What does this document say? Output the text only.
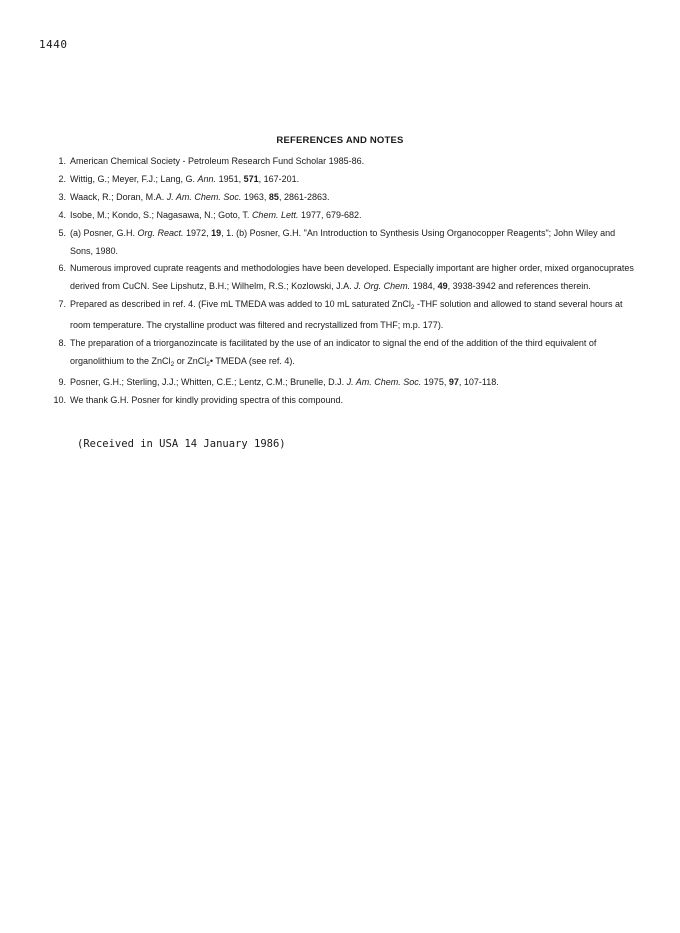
1440
REFERENCES AND NOTES
1. American Chemical Society - Petroleum Research Fund Scholar 1985-86.
2. Wittig, G.; Meyer, F.J.; Lang, G. Ann. 1951, 571, 167-201.
3. Waack, R.; Doran, M.A. J. Am. Chem. Soc. 1963, 85, 2861-2863.
4. Isobe, M.; Kondo, S.; Nagasawa, N.; Goto, T. Chem. Lett. 1977, 679-682.
5. (a) Posner, G.H. Org. React. 1972, 19, 1. (b) Posner, G.H. "An Introduction to Synthesis Using Organocopper Reagents"; John Wiley and Sons, 1980.
6. Numerous improved cuprate reagents and methodologies have been developed. Especially important are higher order, mixed organocuprates derived from CuCN. See Lipshutz, B.H.; Wilhelm, R.S.; Kozlowski, J.A. J. Org. Chem. 1984, 49, 3938-3942 and references therein.
7. Prepared as described in ref. 4. (Five mL TMEDA was added to 10 mL saturated ZnCl$_2$ -THF solution and allowed to stand several hours at room temperature. The crystalline product was filtered and recrystallized from THF; m.p. 177).
8. The preparation of a triorganozincate is facilitated by the use of an indicator to signal the end of the addition of the third equivalent of organolithium to the ZnCl$_2$ or ZnCl$_2$• TMEDA (see ref. 4).
9. Posner, G.H.; Sterling, J.J.; Whitten, C.E.; Lentz, C.M.; Brunelle, D.J. J. Am. Chem. Soc. 1975, 97, 107-118.
10. We thank G.H. Posner for kindly providing spectra of this compound.
(Received in USA 14 January 1986)
